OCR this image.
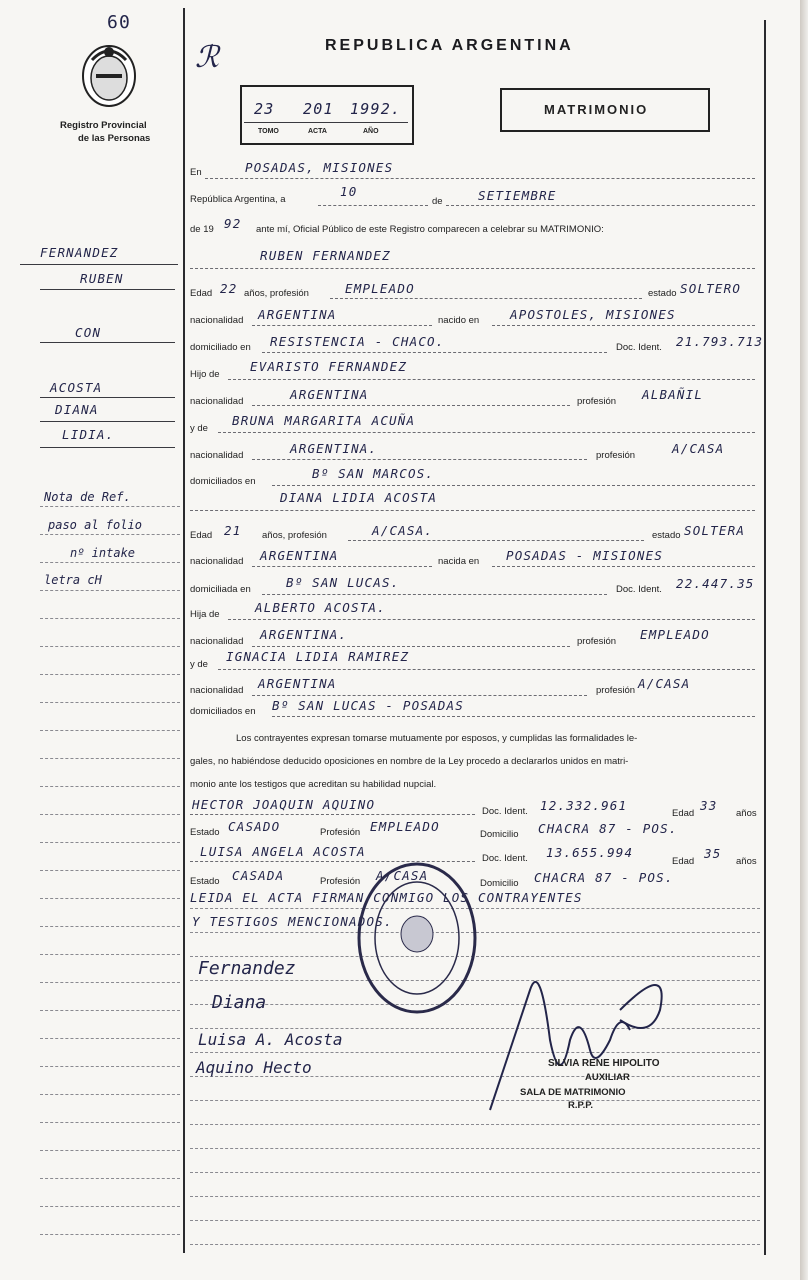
60
Registro Provincial
de las Personas
REPUBLICA ARGENTINA
ℛ
23 201 1992.
TOMO	ACTA	AÑO
MATRIMONIO
En	POSADAS, MISIONES
República Argentina, a
10
de	SETIEMBRE
de 19 92 ante mí, Oficial Público de este Registro comparecen a celebrar su MATRIMONIO:
RUBEN FERNANDEZ
Edad 22 años, profesión	EMPLEADO	estado SOLTERO
nacionalidad ARGENTINA	nacido en APOSTOLES, MISIONES
domiciliado en RESISTENCIA - CHACO.	Doc. Ident. 21.793.713
Hijo de
EVARISTO FERNANDEZ
nacionalidad	ARGENTINA	profesión ALBAÑIL
y de
BRUNA MARGARITA ACUÑA
nacionalidad	ARGENTINA.	profesión	A/CASA
domiciliados en
Bº SAN MARCOS.
DIANA LIDIA ACOSTA
Edad 21 años, profesión	A/CASA.	estado SOLTERA
nacionalidad ARGENTINA	nacida en POSADAS - MISIONES
domiciliada en	Bº SAN LUCAS.	Doc. Ident. 22.447.35
Hija de	ALBERTO ACOSTA.
nacionalidad ARGENTINA.	profesión EMPLEADO
y de
IGNACIA LIDIA RAMIREZ
nacionalidad ARGENTINA	profesión A/CASA
domiciliados en Bº SAN LUCAS - POSADAS
Los contrayentes expresan tomarse mutuamente por esposos, y cumplidas las formalidades le-
gales, no habiéndose deducido oposiciones en nombre de la Ley procedo a declararlos unidos en matri-
monio ante los testigos que acreditan su habilidad nupcial.
HECTOR JOAQUIN AQUINO	Doc. Ident. 12.332.961
Edad
33
años
Estado CASADO	Profesión EMPLEADO
Domicilio CHACRA 87 - POS.
LUISA ANGELA ACOSTA	Doc. Ident. 13.655.994
Edad
35
años
Estado CASADA	Profesión A/CASA
Domicilio CHACRA 87 - POS.
LEIDA EL ACTA FIRMAN CONMIGO LOS CONTRAYENTES
Y TESTIGOS MENCIONADOS.
Fernandez
Diana
Luisa A. Acosta
Aquino Hecto	SILVIA RENE HIPOLITO
AUXILIAR
SALA DE MATRIMONIO
R.P.P.
FERNANDEZ
RUBEN
CON
ACOSTA
DIANA
LIDIA.
Nota de Ref.
paso al folio
nº intake
letra cH
